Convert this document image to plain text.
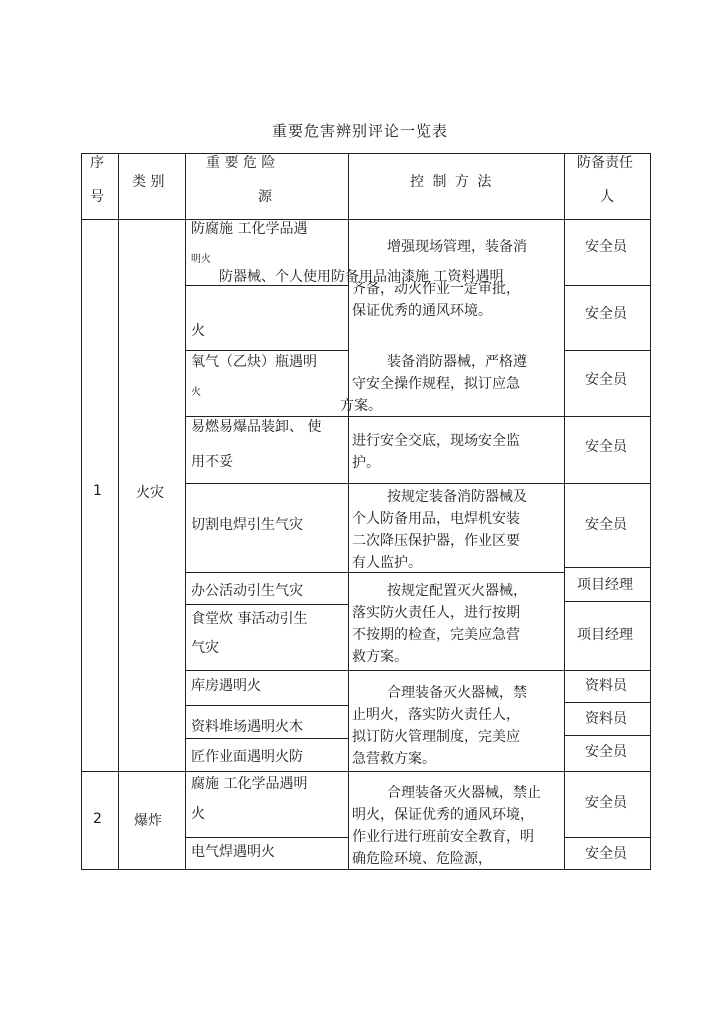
重要危害辨别评论一览表
序
号
类 别
重 要 危 险
源
控 制 方 法
防备责任
人
1 火灾
2 爆炸
防腐施 工化学品遇
明火
防器械、个人使用防备用品油漆施 工资料遇明
火
氧气（乙炔）瓶遇明
火
易燃易爆品装卸、 使
用不妥
切割电焊引生气灾
办公活动引生气灾
食堂炊 事活动引生
气灾
库房遇明火
资料堆场遇明火木
匠作业面遇明火防
腐施 工化学品遇明
火
电气焊遇明火
增强现场管理，装备消
齐备，动火作业一定审批，
保证优秀的通风环境。
装备消防器械，严格遵
守安全操作规程，拟订应急
方案。
进行安全交底，现场安全监
护。
按规定装备消防器械及
个人防备用品，电焊机安装
二次降压保护器，作业区要
有人监护。
按规定配置灭火器械，
落实防火责任人，进行按期
不按期的检查，完美应急营
救方案。
合理装备灭火器械，禁
止明火，落实防火责任人，
拟订防火管理制度，完美应
急营救方案。
合理装备灭火器械，禁止
明火，保证优秀的通风环境，
作业行进行班前安全教育，明
确危险环境、危险源，
安全员
安全员
安全员
安全员
安全员
项目经理
项目经理
资料员
资料员
安全员
安全员
安全员
